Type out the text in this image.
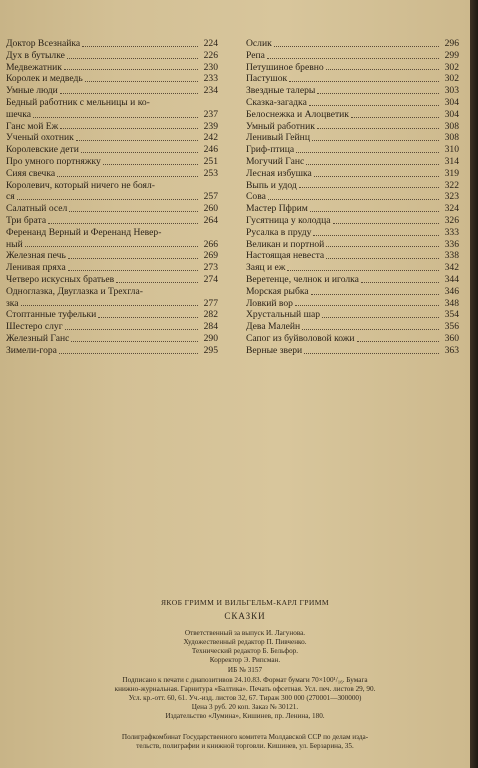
Доктор Всезнайка	224
Дух в бутылке	226
Медвежатник	230
Королек и медведь	233
Умные люди	234
Бедный работник с мельницы и ко-
шечка	237
Ганс мой Еж	239
Ученый охотник	242
Королевские дети	246
Про умного портняжку	251
Сияя свечка	253
Королевич, который ничего не боял-
ся	257
Салатный осел	260
Три брата	264
Ференанд Верный и Ференанд Невер-
ный	266
Железная печь	269
Ленивая пряха	273
Четверо искусных братьев	274
Одноглазка, Двуглазка и Трехгла-
зка	277
Стоптанные туфельки	282
Шестеро слуг	284
Железный Ганс	290
Зимели-гора	295
Ослик	296
Репа	299
Петушиное бревно	302
Пастушок	302
Звездные талеры	303
Сказка-загадка	304
Белоснежка и Алоцветик	304
Умный работник	308
Ленивый Гейнц	308
Гриф-птица	310
Могучий Ганс	314
Лесная избушка	319
Выпь и удод	322
Сова	323
Мастер Пфрим	324
Гусятница у колодца	326
Русалка в пруду	333
Великан и портной	336
Настоящая невеста	338
Заяц и еж	342
Веретенце, челнок и иголка	344
Морская рыбка	346
Ловкий вор	348
Хрустальный шар	354
Дева Малейн	356
Сапог из буйволовой кожи	360
Верные звери	363
ЯКОБ ГРИММ И ВИЛЬГЕЛЬМ-КАРЛ ГРИММ
СКАЗКИ
Ответственный за выпуск И. Лагунова.
Художественный редактор П. Пивченко.
Технический редактор Б. Бельфор.
Корректор Э. Рипсман.
ИБ № 3157
Подписано к печати с диапозитивов 24.10.83. Формат бумаги 70×100¹/₁₆. Бумага
книжно-журнальная. Гарнитура «Балтика». Печать офсетная. Усл. печ. листов 29, 90.
Усл. кр.-отт. 60, 61. Уч.-изд. листов 32, 67. Тираж 300 000 (270001—300000)
Цена 3 руб. 20 коп. Заказ № 30121.
Издательство «Лумина», Кишинев, пр. Ленина, 180.
Полиграфкомбинат Государственного комитета Молдавской ССР по делам изда-
тельств, полиграфии и книжной торговли. Кишинев, ул. Берзарина, 35.
